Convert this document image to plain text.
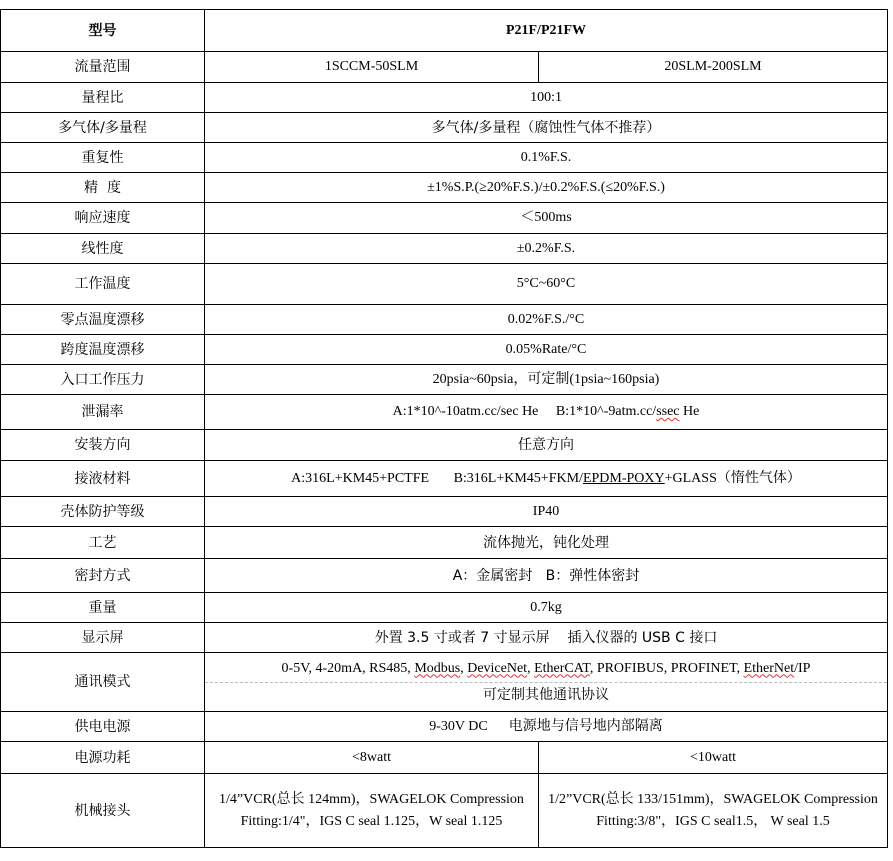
型号	P21F/P21FW	
流量范围	1SCCM-50SLM	20SLM-200SLM
量程比	100:1	
多气体/多量程	多气体/多量程（腐蚀性气体不推荐）	
重复性	0.1%F.S.	
精  度	±1%S.P.(≥20%F.S.)/±0.2%F.S.(≤20%F.S.)	
响应速度	＜500ms	
线性度	±0.2%F.S.	
工作温度	5°C~60°C	
零点温度漂移	0.02%F.S./°C	
跨度温度漂移	0.05%Rate/°C	
入口工作压力	20psia~60psia，可定制(1psia~160psia)	
泄漏率	A:1*10^-10atm.cc/sec He B:1*10^-9atm.cc/ssec He	
安装方向	任意方向	
接液材料	A:316L+KM45+PCTFE B:316L+KM45+FKM/EPDM-POXY+GLASS（惰性气体）	
壳体防护等级	IP40	
工艺	流体抛光，钝化处理	
密封方式	A：金属密封   B：弹性体密封	
重量	0.7kg	
显示屏	外置 3.5 寸或者 7 寸显示屏    插入仪器的 USB C 接口	
通讯模式	0-5V, 4-20mA, RS485, Modbus, DeviceNet, EtherCAT, PROFIBUS, PROFINET, EtherNet/IP
可定制其他通讯协议	

供电电源	9-30V DC      电源地与信号地内部隔离	
电源功耗	<8watt	<10watt
机械接头	1/4”VCR(总长 124mm)，SWAGELOK Compression Fitting:1/4"，IGS C seal 1.125，W seal 1.125	1/2”VCR(总长 133/151mm)，SWAGELOK Compression Fitting:3/8"，IGS C seal1.5， W seal 1.5
